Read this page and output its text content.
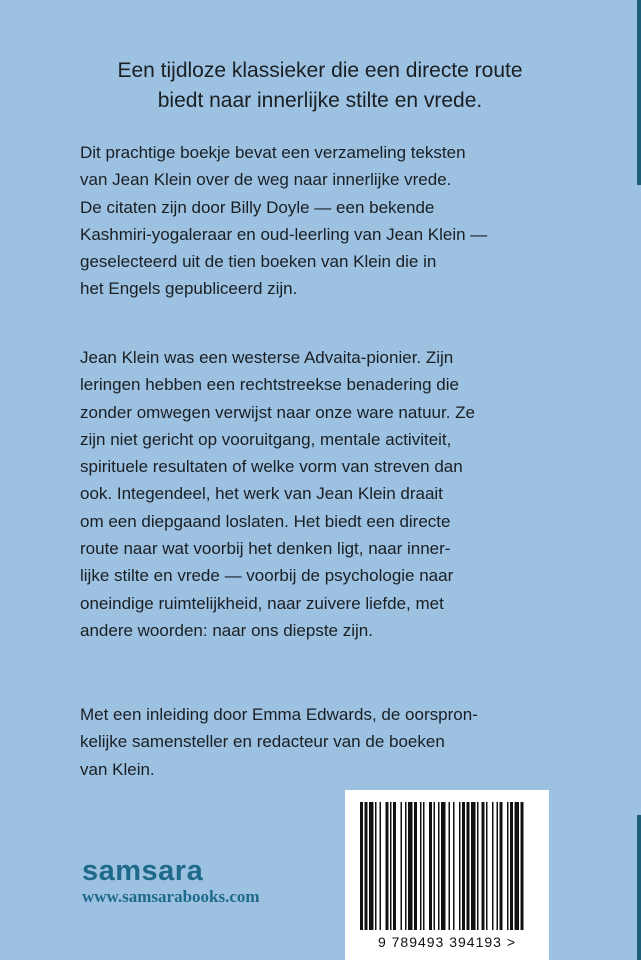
Een tijdloze klassieker die een directe route
biedt naar innerlijke stilte en vrede.
Dit prachtige boekje bevat een verzameling teksten
van Jean Klein over de weg naar innerlijke vrede.
De citaten zijn door Billy Doyle — een bekende
Kashmiri-yogaleraar en oud-leerling van Jean Klein —
geselecteerd uit de tien boeken van Klein die in
het Engels gepubliceerd zijn.
Jean Klein was een westerse Advaita-pionier. Zijn
leringen hebben een rechtstreekse benadering die
zonder omwegen verwijst naar onze ware natuur. Ze
zijn niet gericht op vooruitgang, mentale activiteit,
spirituele resultaten of welke vorm van streven dan
ook. Integendeel, het werk van Jean Klein draait
om een diepgaand loslaten. Het biedt een directe
route naar wat voorbij het denken ligt, naar inner-
lijke stilte en vrede — voorbij de psychologie naar
oneindige ruimtelijkheid, naar zuivere liefde, met
andere woorden: naar ons diepste zijn.
Met een inleiding door Emma Edwards, de oorspron-
kelijke samensteller en redacteur van de boeken
van Klein.
samsara
www.samsarabooks.com
9 789493 394193 >
